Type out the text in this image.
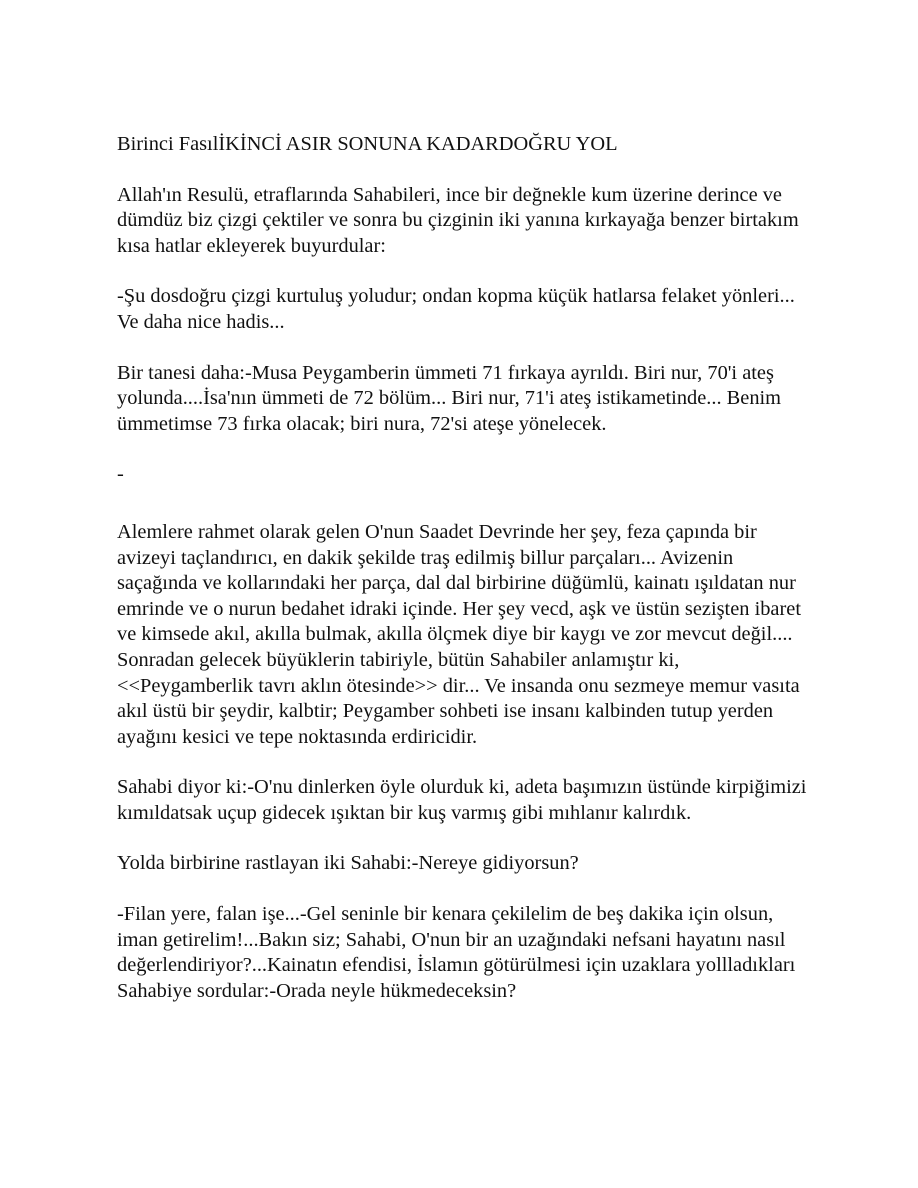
Birinci FasılİKİNCİ ASIR SONUNA KADARDOĞRU YOL

Allah'ın Resulü, etraflarında Sahabileri, ince bir değnekle kum üzerine derince ve dümdüz biz çizgi çektiler ve sonra bu çizginin iki yanına kırkayağa benzer birtakım kısa hatlar ekleyerek buyurdular:

-Şu dosdoğru çizgi kurtuluş yoludur; ondan kopma küçük hatlarsa felaket yönleri... Ve daha nice hadis...

Bir tanesi daha:-Musa Peygamberin ümmeti 71 fırkaya ayrıldı. Biri nur, 70'i ateş yolunda....İsa'nın ümmeti de 72 bölüm... Biri nur, 71'i ateş istikametinde... Benim ümmetimse 73 fırka olacak; biri nura, 72'si ateşe yönelecek.

-

Alemlere rahmet olarak gelen O'nun Saadet Devrinde her şey, feza çapında bir avizeyi taçlandırıcı, en dakik şekilde traş edilmiş billur parçaları... Avizenin saçağında ve kollarındaki her parça, dal dal birbirine düğümlü, kainatı ışıldatan nur emrinde ve o nurun bedahet idraki içinde. Her şey vecd, aşk ve üstün sezişten ibaret ve kimsede akıl, akılla bulmak, akılla ölçmek diye bir kaygı ve zor mevcut değil.... Sonradan gelecek büyüklerin tabiriyle, bütün Sahabiler anlamıştır ki, <<Peygamberlik tavrı aklın ötesinde>> dir... Ve insanda onu sezmeye memur vasıta akıl üstü bir şeydir, kalbtir; Peygamber sohbeti ise insanı kalbinden tutup yerden ayağını kesici ve tepe noktasında erdiricidir.

Sahabi diyor ki:-O'nu dinlerken öyle olurduk ki, adeta başımızın üstünde kirpiğimizi kımıldatsak uçup gidecek ışıktan bir kuş varmış gibi mıhlanır kalırdık.

Yolda birbirine rastlayan iki Sahabi:-Nereye gidiyorsun?

-Filan yere, falan işe...-Gel seninle bir kenara çekilelim de beş dakika için olsun, iman getirelim!...Bakın siz; Sahabi, O'nun bir an uzağındaki nefsani hayatını nasıl değerlendiriyor?...Kainatın efendisi, İslamın götürülmesi için uzaklara yollladıkları Sahabiye sordular:-Orada neyle hükmedeceksin?
